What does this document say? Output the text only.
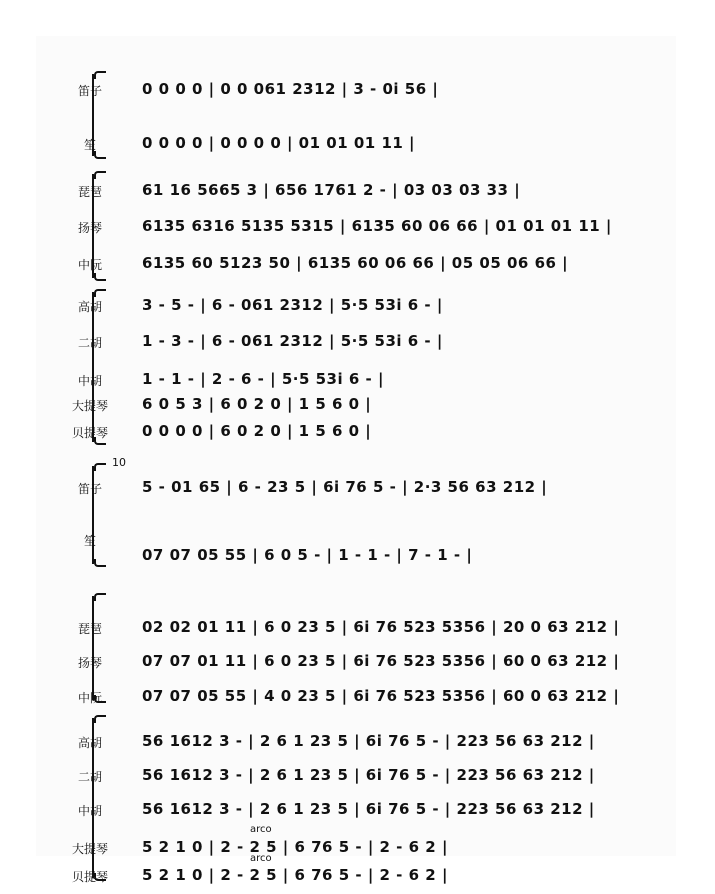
笛子
笙
琵琶
扬琴
中阮
高胡
二胡
中胡
大提琴
贝提琴
0 0 0 0 | 0 0 061 2312 | 3 - 0i 56 |
0 0 0 0 | 0 0 0 0 | 01 01 01 11 |
61 16 5665 3 | 656 1761 2 - | 03 03 03 33 |
6135 6316 5135 5315 | 6135 60 06 66 | 01 01 01 11 |
6135 60 5123 50 | 6135 60 06 66 | 05 05 06 66 |
3 - 5 - | 6 - 061 2312 | 5·5 53i 6 - |
1 - 3 - | 6 - 061 2312 | 5·5 53i 6 - |
1 - 1 - | 2 - 6 - | 5·5 53i 6 - |
6 0 5 3 | 6 0 2 0 | 1 5 6 0 |
0 0 0 0 | 6 0 2 0 | 1 5 6 0 |
10
笛子
笙
琵琶
扬琴
中阮
高胡
二胡
中胡
大提琴
贝提琴
5 - 01 65 | 6 - 23 5 | 6i 76 5 - | 2·3 56 63 212 |
07 07 05 55 | 6 0 5 - | 1 - 1 - | 7 - 1 - |
02 02 01 11 | 6 0 23 5 | 6i 76 523 5356 | 20 0 63 212 |
07 07 01 11 | 6 0 23 5 | 6i 76 523 5356 | 60 0 63 212 |
07 07 05 55 | 4 0 23 5 | 6i 76 523 5356 | 60 0 63 212 |
56 1612 3 - | 2 6 1 23 5 | 6i 76 5 - | 223 56 63 212 |
56 1612 3 - | 2 6 1 23 5 | 6i 76 5 - | 223 56 63 212 |
56 1612 3 - | 2 6 1 23 5 | 6i 76 5 - | 223 56 63 212 |
arco
5 2 1 0 | 2 - 2 5 | 6 76 5 - | 2 - 6 2 |
arco
5 2 1 0 | 2 - 2 5 | 6 76 5 - | 2 - 6 2 |
